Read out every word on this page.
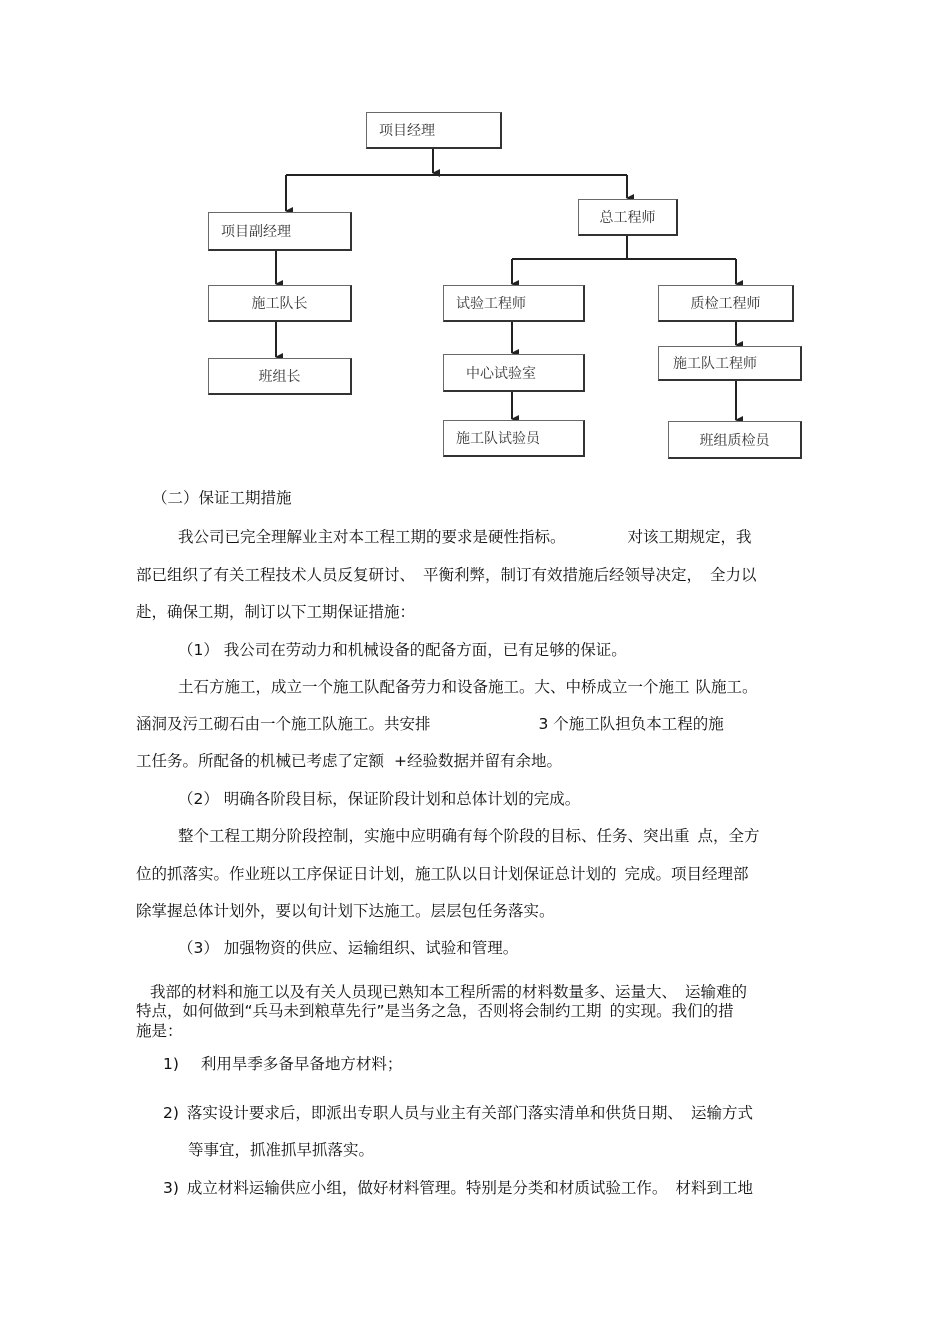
项目经理
项目副经理
总工程师
施工队长
班组长
试验工程师	质检工程师
中心试验室
施工队工程师
施工队试验员	班组质检员
（二）保证工期措施
我公司已完全理解业主对本工程工期的要求是硬性指标。	对该工期规定，我
部已组织了有关工程技术人员反复研讨、 平衡利弊，制订有效措施后经领导决定， 全力以
赴，确保工期，制订以下工期保证措施：
（1） 我公司在劳动力和机械设备的配备方面，已有足够的保证。
土石方施工，成立一个施工队配备劳力和设备施工。大、中桥成立一个施工 队施工。
涵洞及污工砌石由一个施工队施工。共安排	3 个施工队担负本工程的施
工任务。所配备的机械已考虑了定额 +经验数据并留有余地。
（2） 明确各阶段目标，保证阶段计划和总体计划的完成。
整个工程工期分阶段控制，实施中应明确有每个阶段的目标、任务、突出重 点，全方
位的抓落实。作业班以工序保证日计划，施工队以日计划保证总计划的 完成。项目经理部
除掌握总体计划外，要以旬计划下达施工。层层包任务落实。
（3） 加强物资的供应、运输组织、试验和管理。
我部的材料和施工以及有关人员现已熟知本工程所需的材料数量多、运量大、 运输难的
特点，如何做到“兵马未到粮草先行”是当务之急，否则将会制约工期 的实现。我们的措
施是：
1) 利用旱季多备早备地方材料；
2) 落实设计要求后，即派出专职人员与业主有关部门落实清单和供货日期、 运输方式
等事宜，抓准抓早抓落实。
3) 成立材料运输供应小组，做好材料管理。特别是分类和材质试验工作。 材料到工地
